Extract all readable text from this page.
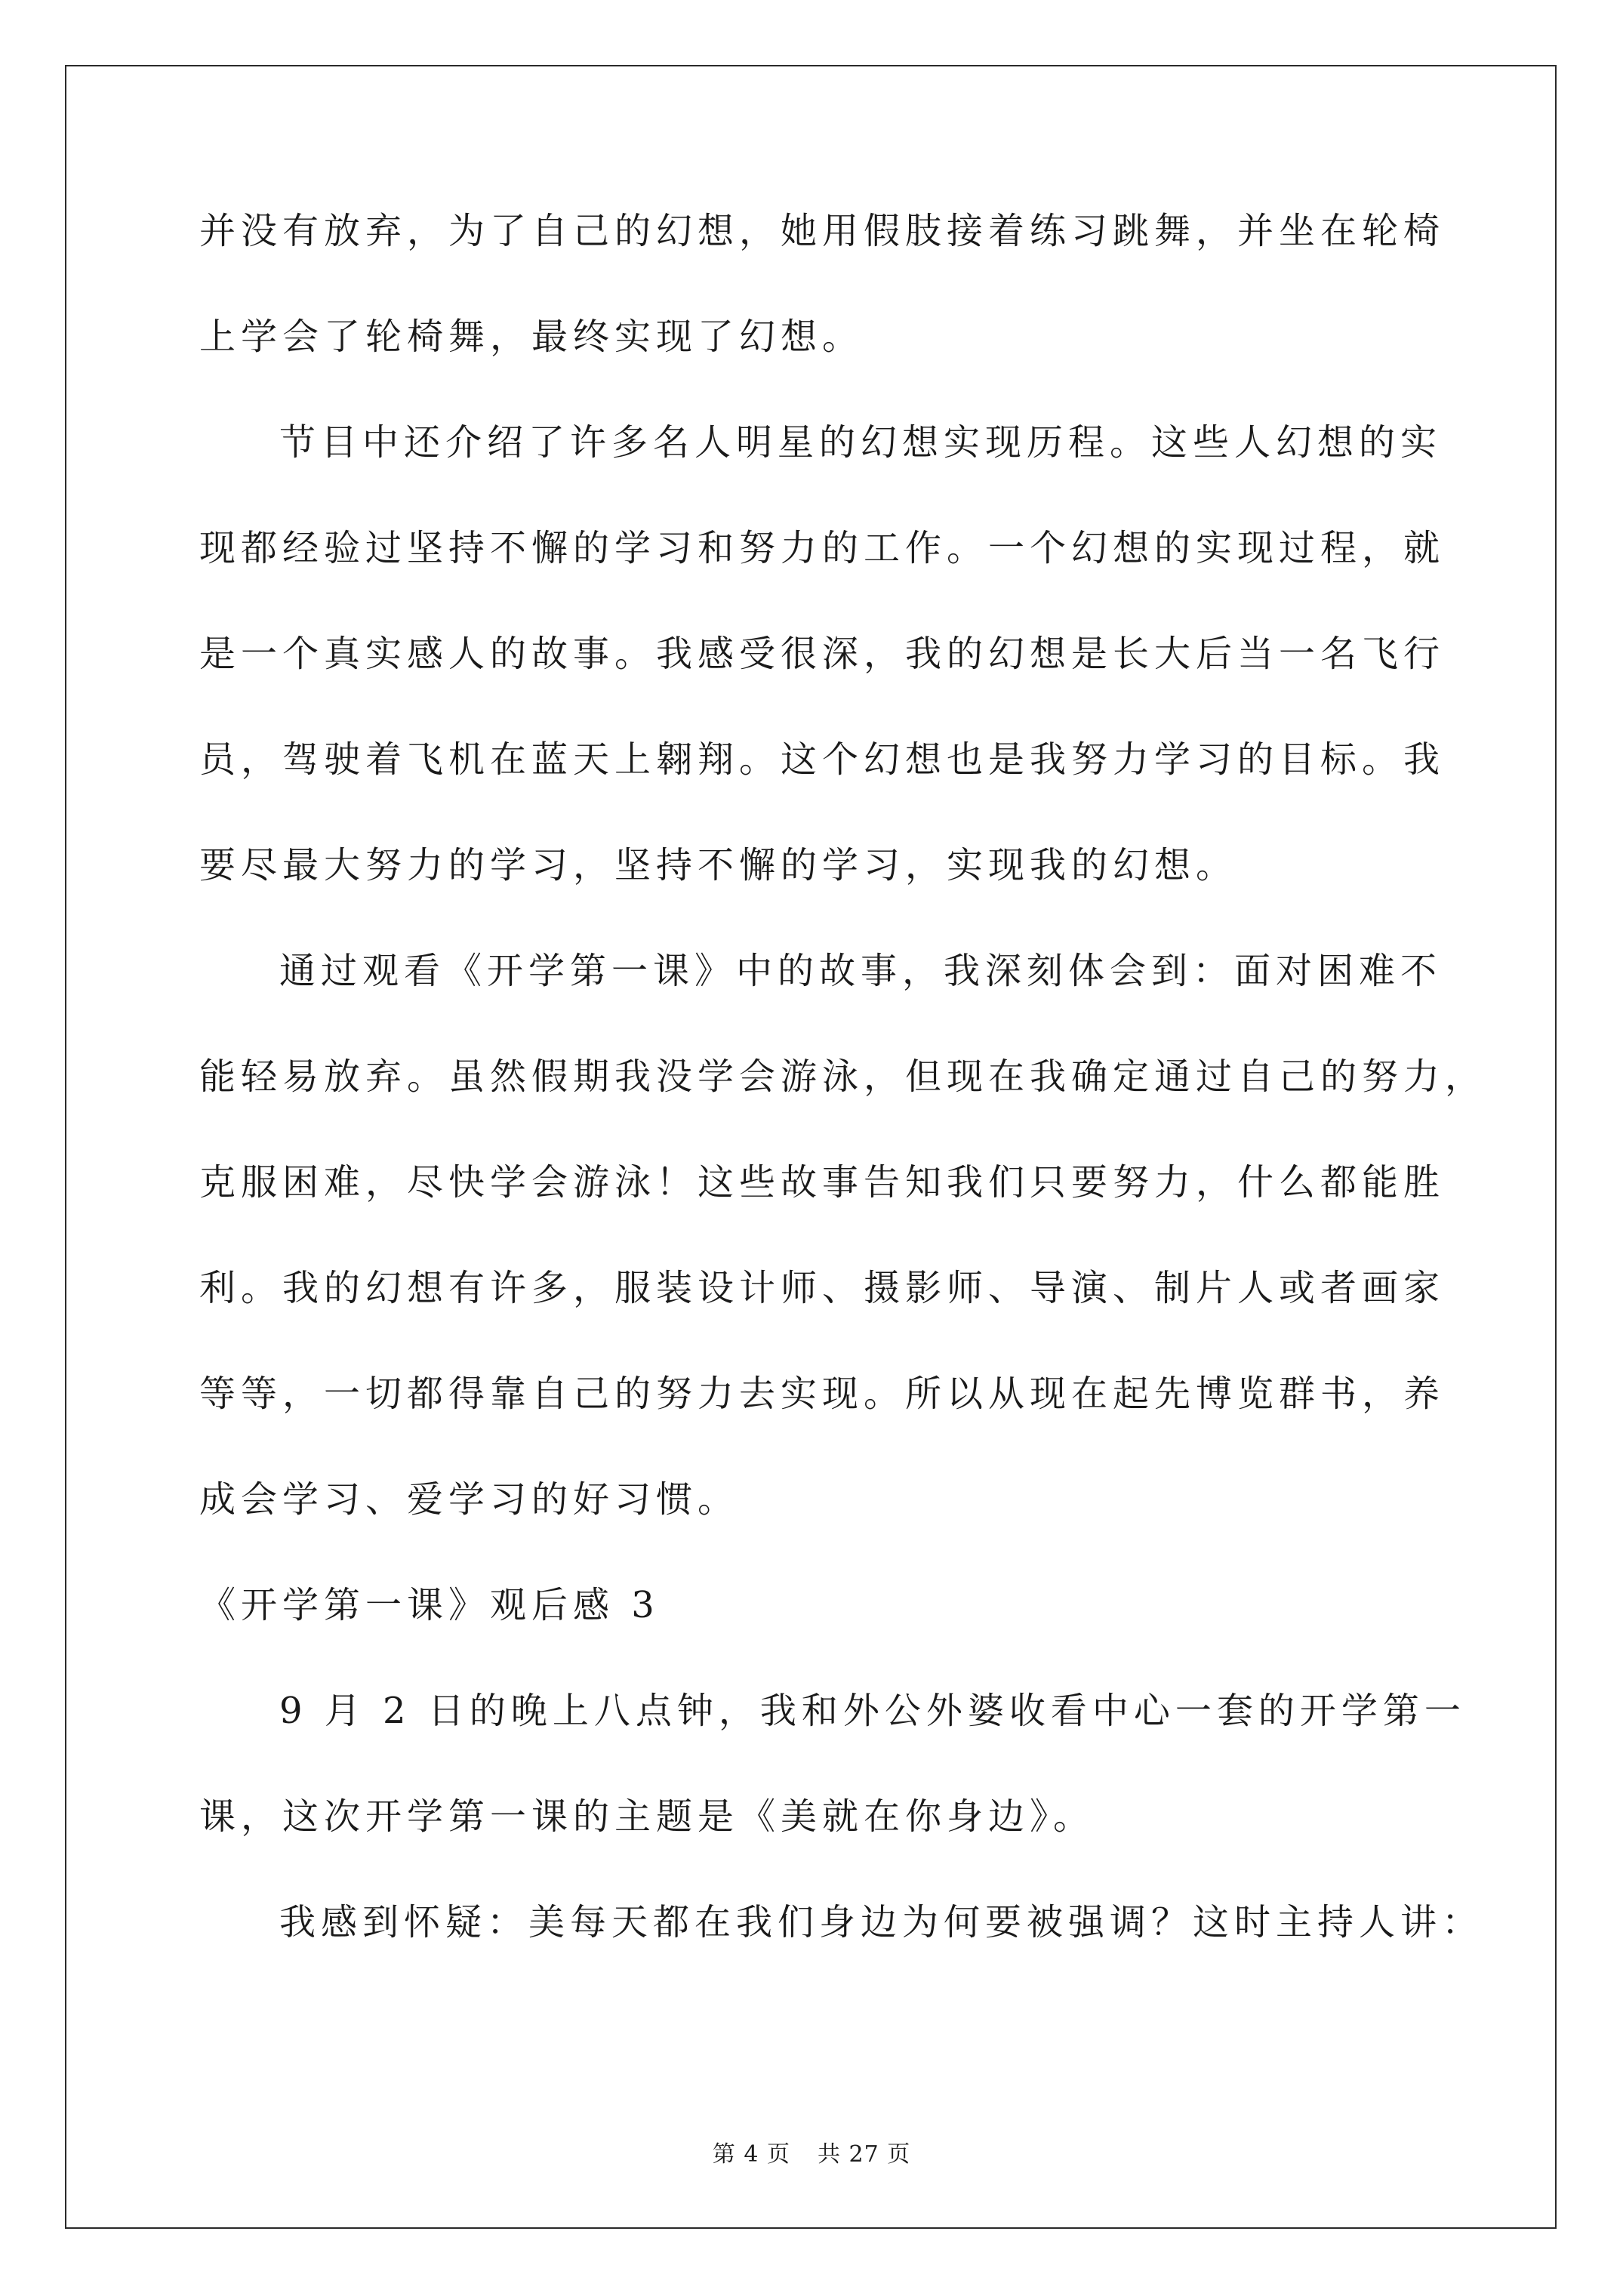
并没有放弃，为了自己的幻想，她用假肢接着练习跳舞，并坐在轮椅

上学会了轮椅舞，最终实现了幻想。

节目中还介绍了许多名人明星的幻想实现历程。这些人幻想的实

现都经验过坚持不懈的学习和努力的工作。一个幻想的实现过程，就

是一个真实感人的故事。我感受很深，我的幻想是长大后当一名飞行

员，驾驶着飞机在蓝天上翱翔。这个幻想也是我努力学习的目标。我

要尽最大努力的学习，坚持不懈的学习，实现我的幻想。

通过观看《开学第一课》中的故事，我深刻体会到：面对困难不

能轻易放弃。虽然假期我没学会游泳，但现在我确定通过自己的努力，

克服困难，尽快学会游泳！这些故事告知我们只要努力，什么都能胜

利。我的幻想有许多，服装设计师、摄影师、导演、制片人或者画家

等等，一切都得靠自己的努力去实现。所以从现在起先博览群书，养

成会学习、爱学习的好习惯。

《开学第一课》观后感 3

9 月 2 日的晚上八点钟，我和外公外婆收看中心一套的开学第一

课，这次开学第一课的主题是《美就在你身边》。

我感到怀疑：美每天都在我们身边为何要被强调？这时主持人讲：

第 4 页 共 27 页
